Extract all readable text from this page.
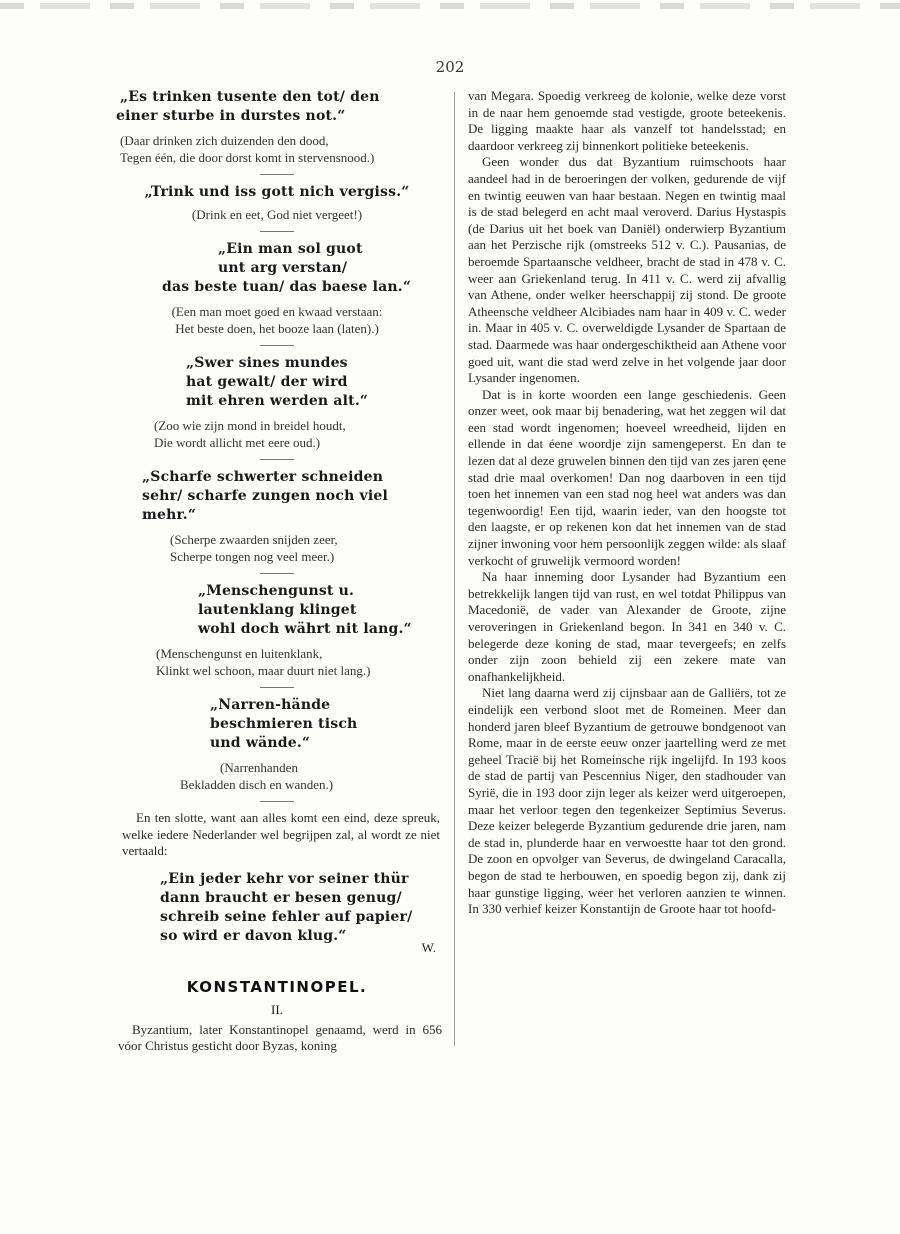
202
„Es trinken tusente den tot/ den
einer sturbe in durstes not.“
(Daar drinken zich duizenden den dood,
Tegen één, die door dorst komt in stervensnood.)
„Trink und iss gott nich vergiss.“
(Drink en eet, God niet vergeet!)
„Ein man sol guot
unt arg verstan/
das beste tuan/ das baese lan.“
(Een man moet goed en kwaad verstaan:
Het beste doen, het booze laan (laten).)
„Swer sines mundes
hat gewalt/ der wird
mit ehren werden alt.“
(Zoo wie zijn mond in breidel houdt,
Die wordt allicht met eere oud.)
„Scharfe schwerter schneiden
sehr/ scharfe zungen noch viel mehr.“
(Scherpe zwaarden snijden zeer,
Scherpe tongen nog veel meer.)
„Menschengunst u.
lautenklang klinget
wohl doch währt nit lang.“
(Menschengunst en luitenklank,
Klinkt wel schoon, maar duurt niet lang.)
„Narren-hände
beschmieren tisch
und wände.“
(Narrenhanden
Bekladden disch en wanden.)

En ten slotte, want aan alles komt een eind, deze spreuk, welke iedere Nederlander wel begrijpen zal, al wordt ze niet vertaald:

„Ein jeder kehr vor seiner thür
dann braucht er besen genug/
schreib seine fehler auf papier/
so wird er davon klug.“
W.
KONSTANTINOPEL.
II.

Byzantium, later Konstantinopel genaamd, werd in 656 vóor Christus gesticht door Byzas, koning

van Megara. Spoedig verkreeg de kolonie, welke deze vorst in de naar hem genoemde stad vestigde, groote beteekenis. De ligging maakte haar als vanzelf tot handelsstad; en daardoor verkreeg zij binnenkort politieke beteekenis.

Geen wonder dus dat Byzantium ruimschoots haar aandeel had in de beroeringen der volken, gedurende de vijf en twintig eeuwen van haar bestaan. Negen en twintig maal is de stad belegerd en acht maal veroverd. Darius Hystaspis (de Darius uit het boek van Daniël) onderwierp Byzantium aan het Perzische rijk (omstreeks 512 v. C.). Pausanias, de beroemde Spartaansche veldheer, bracht de stad in 478 v. C. weer aan Griekenland terug. In 411 v. C. werd zij afvallig van Athene, onder welker heerschappij zij stond. De groote Atheensche veldheer Alcibiades nam haar in 409 v. C. weder in. Maar in 405 v. C. overweldigde Lysander de Spartaan de stad. Daarmede was haar ondergeschiktheid aan Athene voor goed uit, want die stad werd zelve in het volgende jaar door Lysander ingenomen.

Dat is in korte woorden een lange geschiedenis. Geen onzer weet, ook maar bij benadering, wat het zeggen wil dat een stad wordt ingenomen; hoeveel wreedheid, lijden en ellende in dat éene woordje zijn samengeperst. En dan te lezen dat al deze gruwelen binnen den tijd van zes jaren ęene stad drie maal overkomen! Dan nog daarboven in een tijd toen het innemen van een stad nog heel wat anders was dan tegenwoordig! Een tijd, waarin ieder, van den hoogste tot den laagste, er op rekenen kon dat het innemen van de stad zijner inwoning voor hem persoonlijk zeggen wilde: als slaaf verkocht of gruwelijk vermoord worden!

Na haar inneming door Lysander had Byzantium een betrekkelijk langen tijd van rust, en wel totdat Philippus van Macedonië, de vader van Alexander de Groote, zijne veroveringen in Griekenland begon. In 341 en 340 v. C. belegerde deze koning de stad, maar tevergeefs; en zelfs onder zijn zoon behield zij een zekere mate van onafhankelijkheid.

Niet lang daarna werd zij cijnsbaar aan de Galliërs, tot ze eindelijk een verbond sloot met de Romeinen. Meer dan honderd jaren bleef Byzantium de getrouwe bondgenoot van Rome, maar in de eerste eeuw onzer jaartelling werd ze met geheel Tracië bij het Romeinsche rijk ingelijfd. In 193 koos de stad de partij van Pescennius Niger, den stadhouder van Syrië, die in 193 door zijn leger als keizer werd uitgeroepen, maar het verloor tegen den tegenkeizer Septimius Severus. Deze keizer belegerde Byzantium gedurende drie jaren, nam de stad in, plunderde haar en verwoestte haar tot den grond. De zoon en opvolger van Severus, de dwingeland Caracalla, begon de stad te herbouwen, en spoedig begon zij, dank zij haar gunstige ligging, weer het verloren aanzien te winnen. In 330 verhief keizer Konstantijn de Groote haar tot hoofd-
